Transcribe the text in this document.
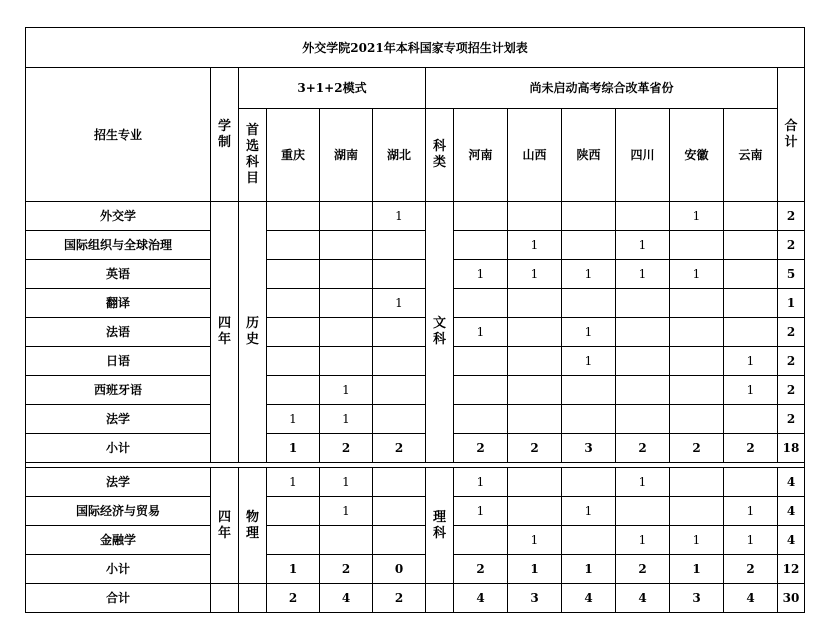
外交学院2021年本科国家专项招生计划表													
招生专业	学制	3+1+2模式				尚未启动高考综合改革省份							合计
		首选科目	重庆	湖南	湖北	科类	河南	山西	陕西	四川	安徽	云南	
外交学	四年	历史			1	文科					1		2
国际组织与全球治理								1		1			2
英语							1	1	1	1	1		5
翻译					1								1
法语							1		1				2
日语									1			1	2
西班牙语				1								1	2
法学			1	1									2
小计			1	2	2		2	2	3	2	2	2	18

法学	四年	物理	1	1		理科	1			1			4
国际经济与贸易				1			1		1			1	4
金融学								1		1	1	1	4
小计			1	2	0		2	1	1	2	1	2	12
合计			2	4	2		4	3	4	4	3	4	30
